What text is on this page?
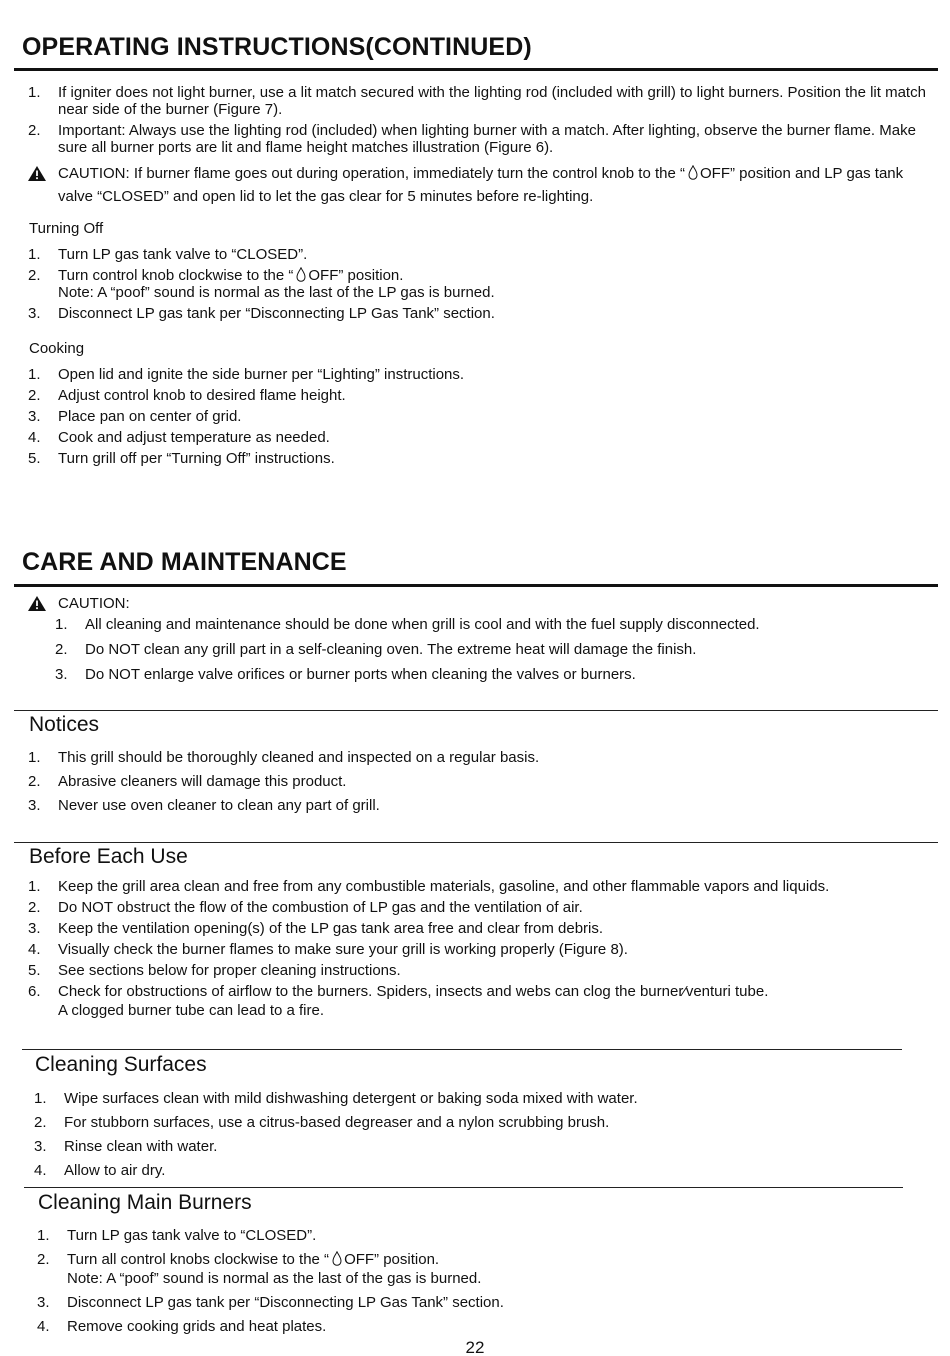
OPERATING INSTRUCTIONS(CONTINUED)
1. If igniter does not light burner, use a lit match secured with the lighting rod (included with grill) to light burners. Position the lit match near side of the burner (Figure 7).
2. Important: Always use the lighting rod (included) when lighting burner with a match. After lighting, observe the burner flame. Make sure all burner ports are lit and flame height matches illustration (Figure 6).
CAUTION: If burner flame goes out during operation, immediately turn the control knob to the “ OFF” position and LP gas tank valve “CLOSED” and open lid to let the gas clear for 5 minutes before re-lighting.
Turning Off
1. Turn LP gas tank valve to “CLOSED”.
2. Turn control knob clockwise to the “ OFF” position.
Note: A “poof” sound is normal as the last of the LP gas is burned.
3. Disconnect LP gas tank per “Disconnecting LP Gas Tank” section.
Cooking
1. Open lid and ignite the side burner per “Lighting” instructions.
2. Adjust control knob to desired flame height.
3. Place pan on center of grid.
4. Cook and adjust temperature as needed.
5. Turn grill off per “Turning Off” instructions.
CARE AND MAINTENANCE
CAUTION:
1. All cleaning and maintenance should be done when grill is cool and with the fuel supply disconnected.
2. Do NOT clean any grill part in a self-cleaning oven. The extreme heat will damage the finish.
3. Do NOT enlarge valve orifices or burner ports when cleaning the valves or burners.
Notices
1. This grill should be thoroughly cleaned and inspected on a regular basis.
2. Abrasive cleaners will damage this product.
3. Never use oven cleaner to clean any part of grill.
Before Each Use
1. Keep the grill area clean and free from any combustible materials, gasoline, and other flammable vapors and liquids.
2. Do NOT obstruct the flow of the combustion of LP gas and the ventilation of air.
3. Keep the ventilation opening(s) of the LP gas tank area free and clear from debris.
4. Visually check the burner flames to make sure your grill is working properly (Figure 8).
5. See sections below for proper cleaning instructions.
6. Check for obstructions of airflow to the burners. Spiders, insects and webs can clog the burner⁄venturi tube.
A clogged burner tube can lead to a fire.
Cleaning Surfaces
1. Wipe surfaces clean with mild dishwashing detergent or baking soda mixed with water.
2. For stubborn surfaces, use a citrus-based degreaser and a nylon scrubbing brush.
3. Rinse clean with water.
4. Allow to air dry.
Cleaning Main Burners
1. Turn LP gas tank valve to “CLOSED”.
2. Turn all control knobs clockwise to the “ OFF” position.
Note: A “poof” sound is normal as the last of the gas is burned.
3. Disconnect LP gas tank per “Disconnecting LP Gas Tank” section.
4. Remove cooking grids and heat plates.
22
